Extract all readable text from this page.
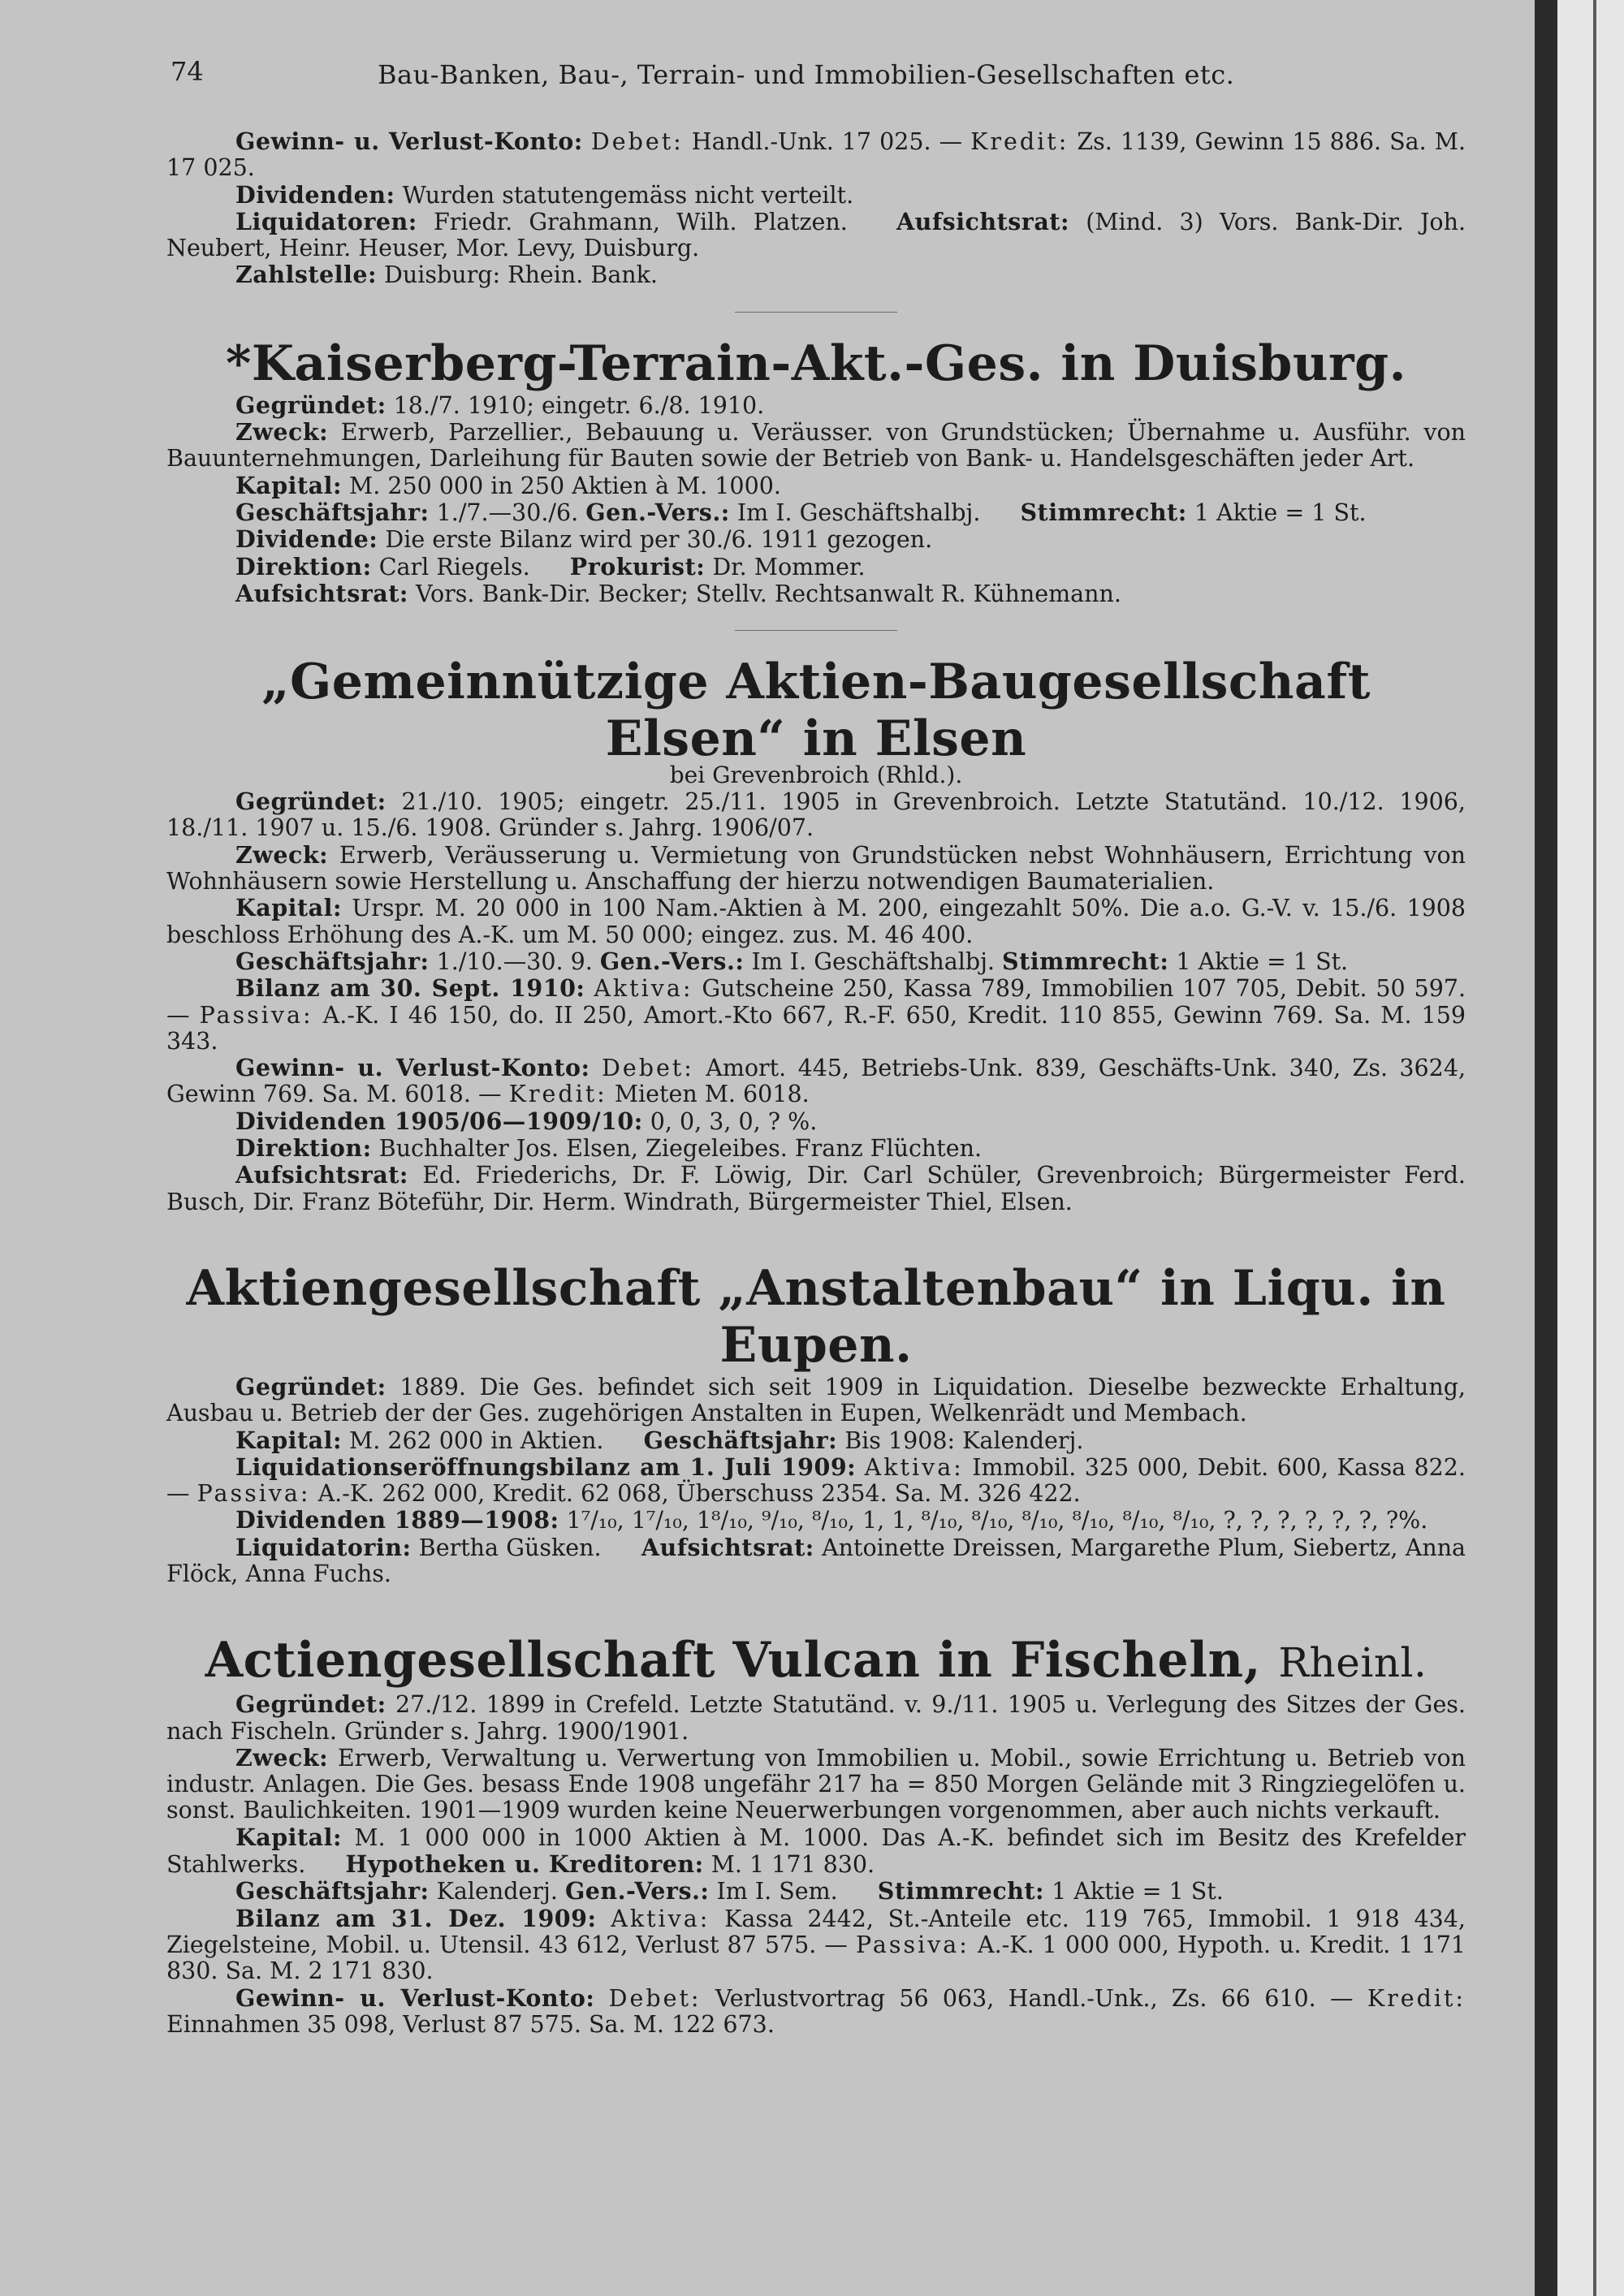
74	Bau-Banken, Bau-, Terrain- und Immobilien-Gesellschaften etc.

Gewinn- u. Verlust-Konto: Debet: Handl.-Unk. 17 025. — Kredit: Zs. 1139, Gewinn 15 886. Sa. M. 17 025.

Dividenden: Wurden statutengemäss nicht verteilt.

Liquidatoren: Friedr. Grahmann, Wilh. Platzen. Aufsichtsrat: (Mind. 3) Vors. Bank-Dir. Joh. Neubert, Heinr. Heuser, Mor. Levy, Duisburg.

Zahlstelle: Duisburg: Rhein. Bank.

*Kaiserberg-Terrain-Akt.-Ges. in Duisburg.

Gegründet: 18./7. 1910; eingetr. 6./8. 1910.

Zweck: Erwerb, Parzellier., Bebauung u. Veräusser. von Grundstücken; Übernahme u. Ausführ. von Bauunternehmungen, Darleihung für Bauten sowie der Betrieb von Bank- u. Handelsgeschäften jeder Art.

Kapital: M. 250 000 in 250 Aktien à M. 1000.

Geschäftsjahr: 1./7.—30./6. Gen.-Vers.: Im I. Geschäftshalbj. Stimmrecht: 1 Aktie = 1 St.

Dividende: Die erste Bilanz wird per 30./6. 1911 gezogen.

Direktion: Carl Riegels. Prokurist: Dr. Mommer.

Aufsichtsrat: Vors. Bank-Dir. Becker; Stellv. Rechtsanwalt R. Kühnemann.

„Gemeinnützige Aktien-Baugesellschaft Elsen“ in Elsen
bei Grevenbroich (Rhld.).

Gegründet: 21./10. 1905; eingetr. 25./11. 1905 in Grevenbroich. Letzte Statutänd. 10./12. 1906, 18./11. 1907 u. 15./6. 1908. Gründer s. Jahrg. 1906/07.

Zweck: Erwerb, Veräusserung u. Vermietung von Grundstücken nebst Wohnhäusern, Errichtung von Wohnhäusern sowie Herstellung u. Anschaffung der hierzu notwendigen Baumaterialien.

Kapital: Urspr. M. 20 000 in 100 Nam.-Aktien à M. 200, eingezahlt 50%. Die a.o. G.-V. v. 15./6. 1908 beschloss Erhöhung des A.-K. um M. 50 000; eingez. zus. M. 46 400.

Geschäftsjahr: 1./10.—30. 9. Gen.-Vers.: Im I. Geschäftshalbj. Stimmrecht: 1 Aktie = 1 St.

Bilanz am 30. Sept. 1910: Aktiva: Gutscheine 250, Kassa 789, Immobilien 107 705, Debit. 50 597. — Passiva: A.-K. I 46 150, do. II 250, Amort.-Kto 667, R.-F. 650, Kredit. 110 855, Gewinn 769. Sa. M. 159 343.

Gewinn- u. Verlust-Konto: Debet: Amort. 445, Betriebs-Unk. 839, Geschäfts-Unk. 340, Zs. 3624, Gewinn 769. Sa. M. 6018. — Kredit: Mieten M. 6018.

Dividenden 1905/06—1909/10: 0, 0, 3, 0, ? %.

Direktion: Buchhalter Jos. Elsen, Ziegeleibes. Franz Flüchten.

Aufsichtsrat: Ed. Friederichs, Dr. F. Löwig, Dir. Carl Schüler, Grevenbroich; Bürgermeister Ferd. Busch, Dir. Franz Böteführ, Dir. Herm. Windrath, Bürgermeister Thiel, Elsen.

Aktiengesellschaft „Anstaltenbau“ in Liqu. in Eupen.

Gegründet: 1889. Die Ges. befindet sich seit 1909 in Liquidation. Dieselbe bezweckte Erhaltung, Ausbau u. Betrieb der der Ges. zugehörigen Anstalten in Eupen, Welkenrädt und Membach.

Kapital: M. 262 000 in Aktien. Geschäftsjahr: Bis 1908: Kalenderj.

Liquidationseröffnungsbilanz am 1. Juli 1909: Aktiva: Immobil. 325 000, Debit. 600, Kassa 822. — Passiva: A.-K. 262 000, Kredit. 62 068, Überschuss 2354. Sa. M. 326 422.

Dividenden 1889—1908: 1⁷/₁₀, 1⁷/₁₀, 1⁸/₁₀, ⁹/₁₀, ⁸/₁₀, 1, 1, ⁸/₁₀, ⁸/₁₀, ⁸/₁₀, ⁸/₁₀, ⁸/₁₀, ⁸/₁₀, ?, ?, ?, ?, ?, ?, ?%.

Liquidatorin: Bertha Güsken. Aufsichtsrat: Antoinette Dreissen, Margarethe Plum, Siebertz, Anna Flöck, Anna Fuchs.

Actiengesellschaft Vulcan in Fischeln, Rheinl.

Gegründet: 27./12. 1899 in Crefeld. Letzte Statutänd. v. 9./11. 1905 u. Verlegung des Sitzes der Ges. nach Fischeln. Gründer s. Jahrg. 1900/1901.

Zweck: Erwerb, Verwaltung u. Verwertung von Immobilien u. Mobil., sowie Errichtung u. Betrieb von industr. Anlagen. Die Ges. besass Ende 1908 ungefähr 217 ha = 850 Morgen Gelände mit 3 Ringziegelöfen u. sonst. Baulichkeiten. 1901—1909 wurden keine Neuerwerbungen vorgenommen, aber auch nichts verkauft.

Kapital: M. 1 000 000 in 1000 Aktien à M. 1000. Das A.-K. befindet sich im Besitz des Krefelder Stahlwerks. Hypotheken u. Kreditoren: M. 1 171 830.

Geschäftsjahr: Kalenderj. Gen.-Vers.: Im I. Sem. Stimmrecht: 1 Aktie = 1 St.

Bilanz am 31. Dez. 1909: Aktiva: Kassa 2442, St.-Anteile etc. 119 765, Immobil. 1 918 434, Ziegelsteine, Mobil. u. Utensil. 43 612, Verlust 87 575. — Passiva: A.-K. 1 000 000, Hypoth. u. Kredit. 1 171 830. Sa. M. 2 171 830.

Gewinn- u. Verlust-Konto: Debet: Verlustvortrag 56 063, Handl.-Unk., Zs. 66 610. — Kredit: Einnahmen 35 098, Verlust 87 575. Sa. M. 122 673.
